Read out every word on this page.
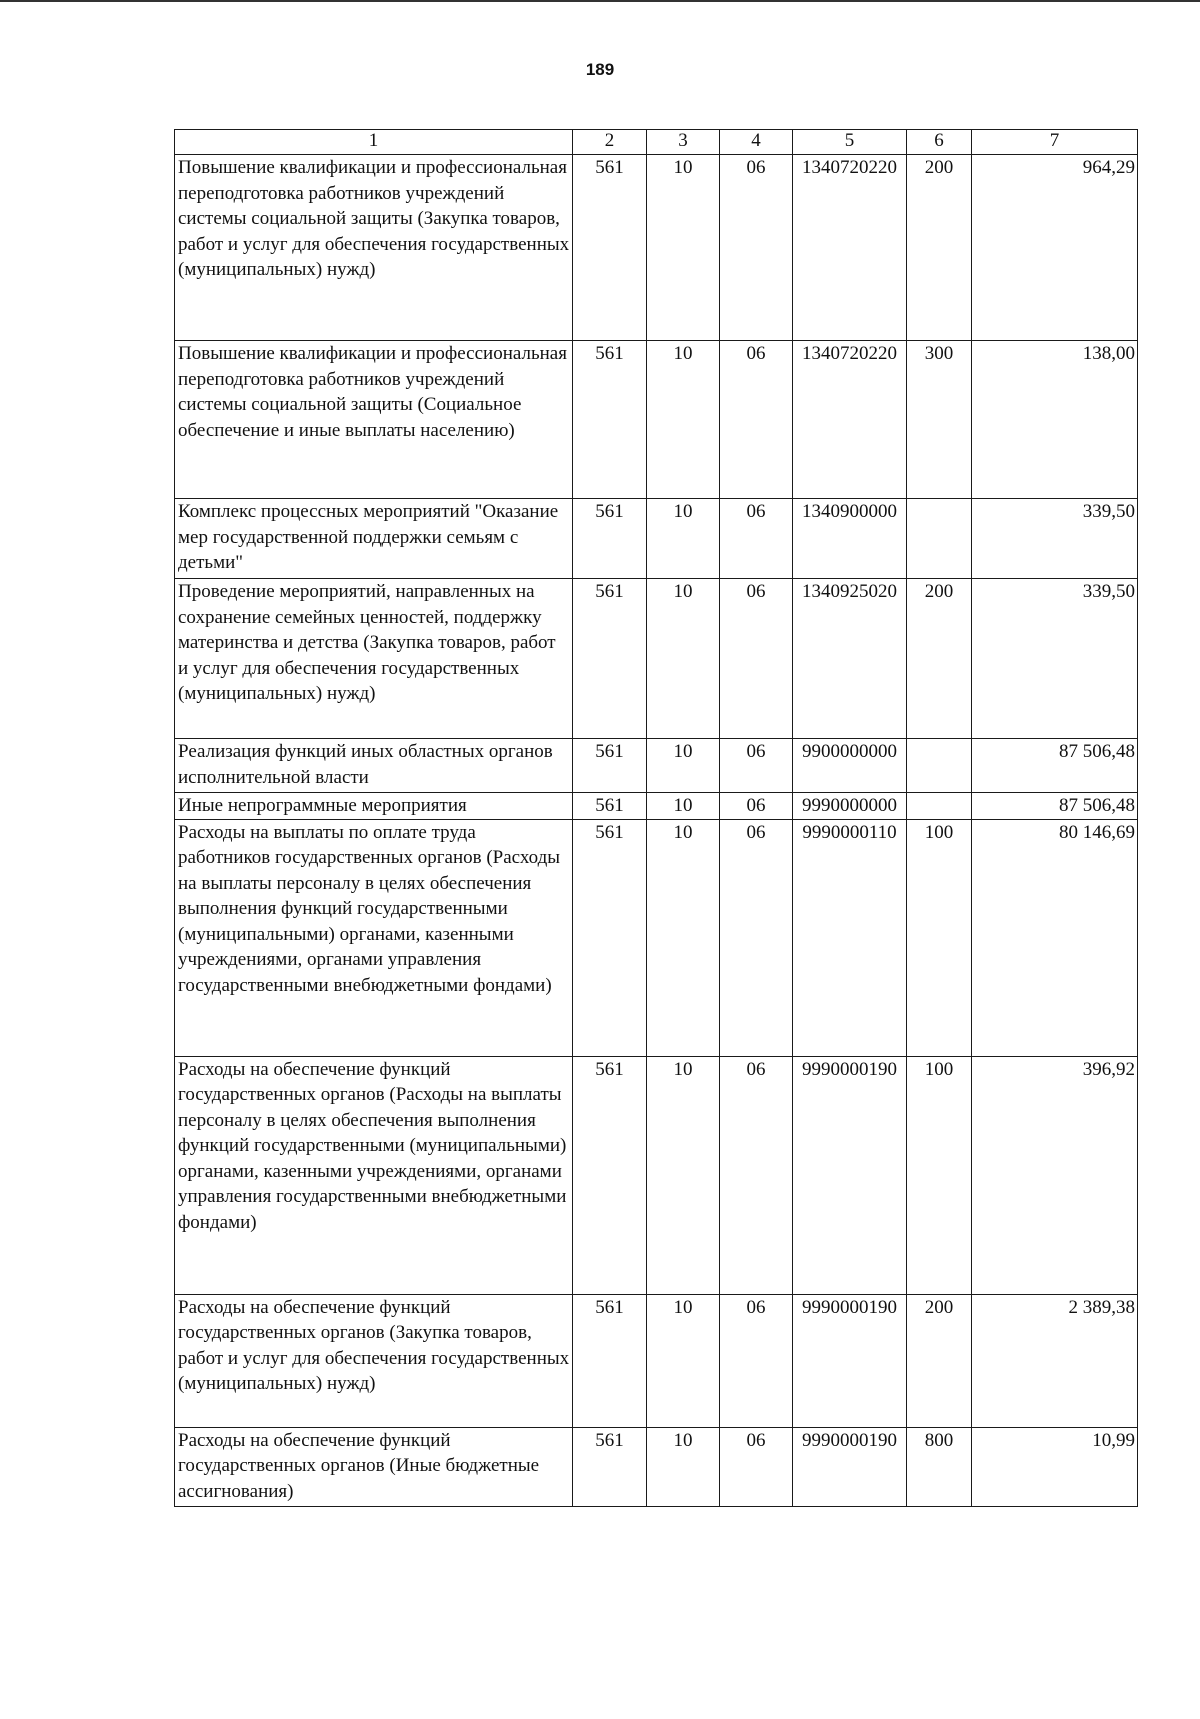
189
1	2	3	4	5	6	7
Повышение квалификации и профессиональная переподготовка работников учреждений системы социальной защиты (Закупка товаров, работ и услуг для обеспечения государственных (муниципальных) нужд)	561	10	06	1340720220	200	964,29
Повышение квалификации и профессиональная переподготовка работников учреждений системы социальной защиты (Социальное обеспечение и иные выплаты населению)	561	10	06	1340720220	300	138,00
Комплекс процессных мероприятий "Оказание мер государственной поддержки семьям с детьми"	561	10	06	1340900000		339,50
Проведение мероприятий, направленных на сохранение семейных ценностей, поддержку материнства и детства (Закупка товаров, работ и услуг для обеспечения государственных (муниципальных) нужд)	561	10	06	1340925020	200	339,50
Реализация функций иных областных органов исполнительной власти	561	10	06	9900000000		87 506,48
Иные непрограммные мероприятия	561	10	06	9990000000		87 506,48
Расходы на выплаты по оплате труда работников государственных органов (Расходы на выплаты персоналу в целях обеспечения выполнения функций государственными (муниципальными) органами, казенными учреждениями, органами управления государственными внебюджетными фондами)	561	10	06	9990000110	100	80 146,69
Расходы на обеспечение функций государственных органов (Расходы на выплаты персоналу в целях обеспечения выполнения функций государственными (муниципальными) органами, казенными учреждениями, органами управления государственными внебюджетными фондами)	561	10	06	9990000190	100	396,92
Расходы на обеспечение функций государственных органов (Закупка товаров, работ и услуг для обеспечения государственных (муниципальных) нужд)	561	10	06	9990000190	200	2 389,38
Расходы на обеспечение функций государственных органов (Иные бюджетные ассигнования)	561	10	06	9990000190	800	10,99
